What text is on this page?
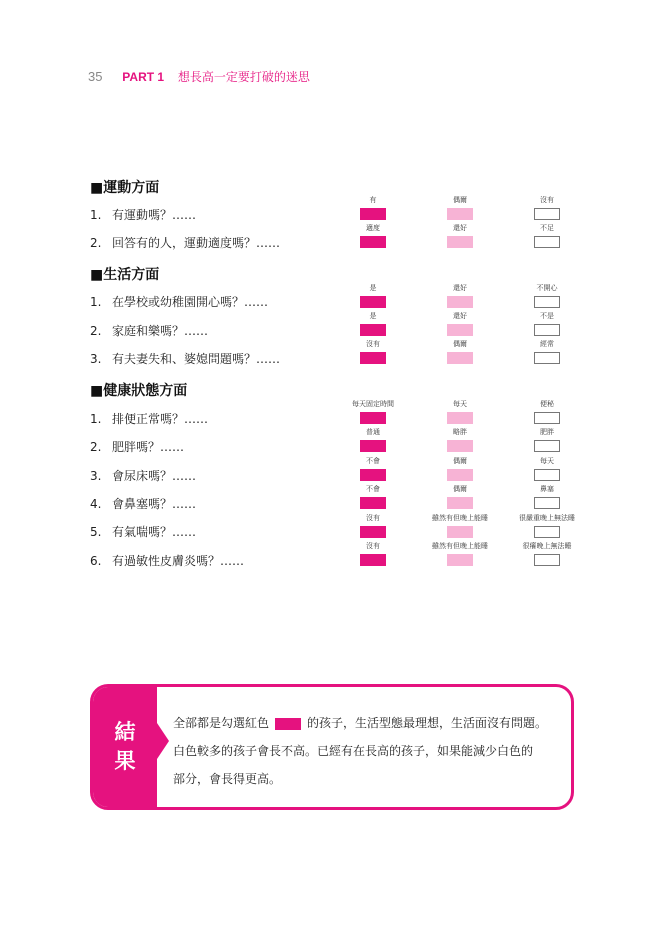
35 PART 1 想長高一定要打破的迷思
■運動方面
1. 有運動嗎？……
有	偶爾	沒有
2. 回答有的人，運動適度嗎？……
適度	還好	不足
■生活方面
1. 在學校或幼稚園開心嗎？……
是	還好	不開心
2. 家庭和樂嗎？……
是	還好	不是
3. 有夫妻失和、婆媳問題嗎？……
沒有	偶爾	經常
■健康狀態方面
1. 排便正常嗎？……
每天固定時間	每天	便秘
2. 肥胖嗎？……
普通	略胖	肥胖
3. 會尿床嗎？……
不會	偶爾	每天
4. 會鼻塞嗎？……
不會	偶爾	鼻塞
5. 有氣喘嗎？……
沒有	雖然有但晚上能睡	很嚴重晚上無法睡
6. 有過敏性皮膚炎嗎？……
沒有	雖然有但晚上能睡	很癢晚上無法睡
結
果
全部都是勾選紅色	的孩子，生活型態最理想，生活面沒有問題。
白色較多的孩子會長不高。已經有在長高的孩子，如果能減少白色的
部分，會長得更高。
